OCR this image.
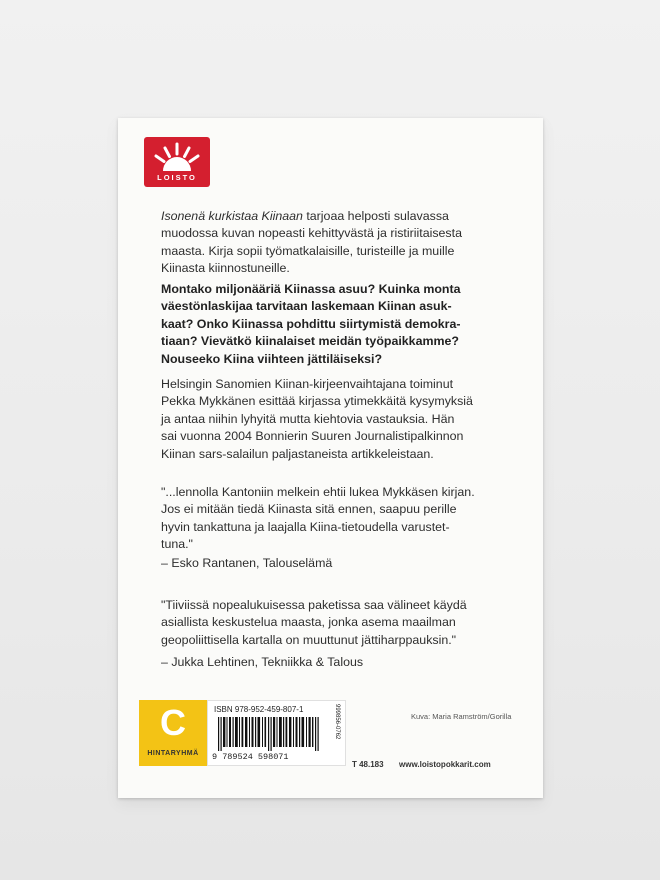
LOISTO
Isonenä kurkistaa Kiinaan tarjoaa helposti sulavassa
muodossa kuvan nopeasti kehittyvästä ja ristiriitaisesta
maasta. Kirja sopii työmatkalaisille, turisteille ja muille
Kiinasta kiinnostuneille.
Montako miljonääriä Kiinassa asuu? Kuinka monta
väestönlaskijaa tarvitaan laskemaan Kiinan asuk-
kaat? Onko Kiinassa pohdittu siirtymistä demokra-
tiaan? Vievätkö kiinalaiset meidän työpaikkamme?
Nouseeko Kiina viihteen jättiläiseksi?
Helsingin Sanomien Kiinan-kirjeenvaihtajana toiminut
Pekka Mykkänen esittää kirjassa ytimekkäitä kysymyksiä
ja antaa niihin lyhyitä mutta kiehtovia vastauksia. Hän
sai vuonna 2004 Bonnierin Suuren Journalistipalkinnon
Kiinan sars-salailun paljastaneista artikkeleistaan.
"...lennolla Kantoniin melkein ehtii lukea Mykkäsen kirjan.
Jos ei mitään tiedä Kiinasta sitä ennen, saapuu perille
hyvin tankattuna ja laajalla Kiina-tietoudella varustet-
tuna."
– Esko Rantanen, Talouselämä
"Tiiviissä nopealukuisessa paketissa saa välineet käydä
asiallista keskustelua maasta, jonka asema maailman
geopoliittisella kartalla on muuttunut jättiharppauksin."
– Jukka Lehtinen, Tekniikka & Talous
C
HINTARYHMÄ
ISBN 978-952-459-807-1
9 789524 598071
999856-0762	Kuva: Maria Ramström/Gorilla
T 48.183 www.loistopokkarit.com
